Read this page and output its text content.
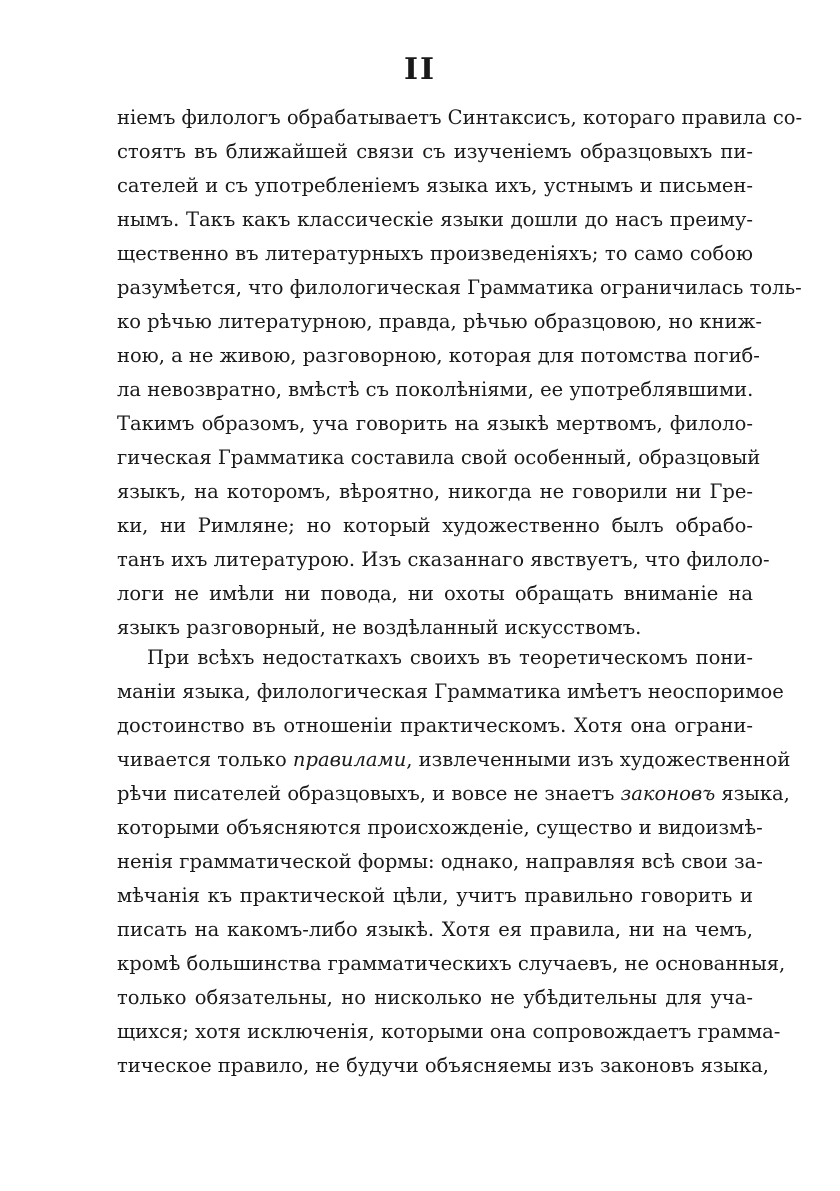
II
ніемъ филологъ обрабатываетъ Синтаксисъ, котораго правила со-
стоятъ въ ближайшей связи съ изученіемъ образцовыхъ пи-
сателей и съ употребленіемъ языка ихъ, устнымъ и письмен-
нымъ. Такъ какъ классическіе языки дошли до насъ преиму-
щественно въ литературныхъ произведеніяхъ; то само собою
разумѣется, что филологическая Грамматика ограничилась толь-
ко рѣчью литературною, правда, рѣчью образцовою, но книж-
ною, а не живою, разговорною, которая для потомства погиб-
ла невозвратно, вмѣстѣ съ поколѣніями, ее употреблявшими.
Такимъ образомъ, уча говорить на языкѣ мертвомъ, филоло-
гическая Грамматика составила свой особенный, образцовый
языкъ, на которомъ, вѣроятно, никогда не говорили ни Гре-
ки, ни Римляне; но который художественно былъ обрабо-
танъ ихъ литературою. Изъ сказаннаго явствуетъ, что филоло-
логи не имѣли ни повода, ни охоты обращать вниманіе на
языкъ разговорный, не воздѣланный искусствомъ.
При всѣхъ недостаткахъ своихъ въ теоретическомъ пони-
маніи языка, филологическая Грамматика имѣетъ неоспоримое
достоинство въ отношеніи практическомъ. Хотя она ограни-
чивается только правилами, извлеченными изъ художественной
рѣчи писателей образцовыхъ, и вовсе не знаетъ законовъ языка,
которыми объясняются происхожденіе, существо и видоизмѣ-
ненія грамматической формы: однако, направляя всѣ свои за-
мѣчанія къ практической цѣли, учитъ правильно говорить и
писать на какомъ-либо языкѣ. Хотя ея правила, ни на чемъ,
кромѣ большинства грамматическихъ случаевъ, не основанныя,
только обязательны, но нисколько не убѣдительны для уча-
щихся; хотя исключенія, которыми она сопровождаетъ грамма-
тическое правило, не будучи объясняемы изъ законовъ языка,
